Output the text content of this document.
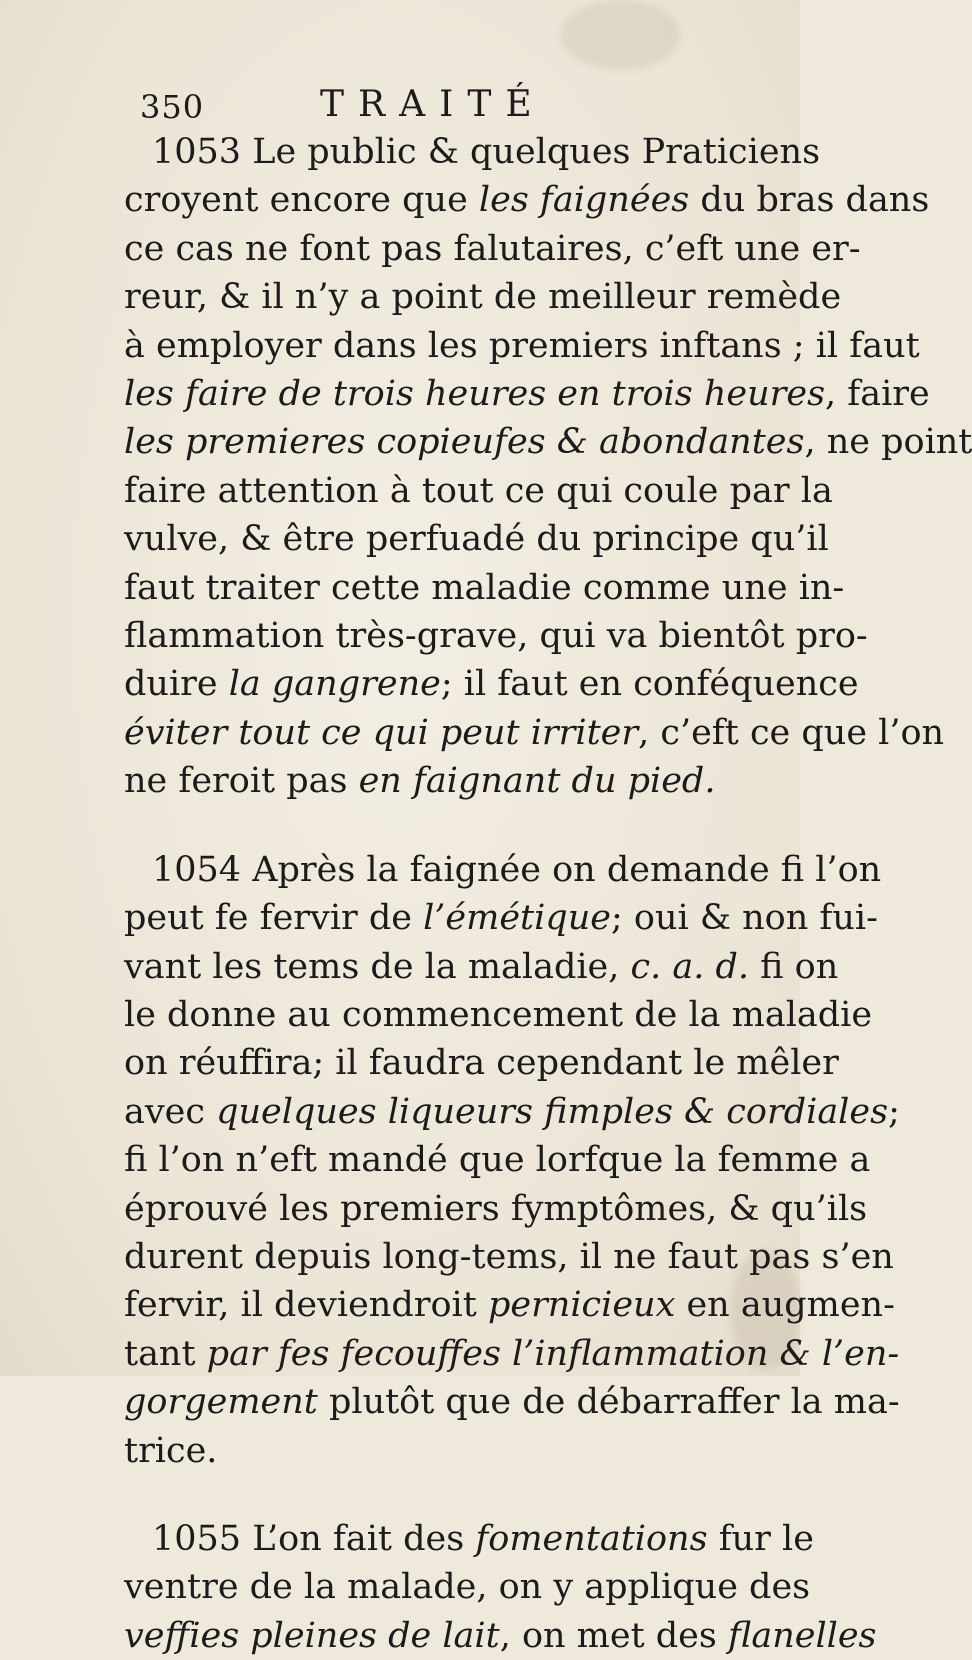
350	TRAITÉ
1053 Le public & quelques Praticiens
croyent encore que les faignées du bras dans
ce cas ne font pas falutaires, c’eft une er-
reur, & il n’y a point de meilleur remède
à employer dans les premiers inftans ; il faut
les faire de trois heures en trois heures, faire
les premieres copieufes & abondantes, ne point
faire attention à tout ce qui coule par la
vulve, & être perfuadé du principe qu’il
faut traiter cette maladie comme une in-
flammation très-grave, qui va bientôt pro-
duire la gangrene; il faut en conféquence
éviter tout ce qui peut irriter, c’eft ce que l’on
ne feroit pas en faignant du pied.
1054 Après la faignée on demande fi l’on
peut fe fervir de l’émétique; oui & non fui-
vant les tems de la maladie, c. a. d. fi on
le donne au commencement de la maladie
on réuffira; il faudra cependant le mêler
avec quelques liqueurs fimples & cordiales;
fi l’on n’eft mandé que lorfque la femme a
éprouvé les premiers fymptômes, & qu’ils
durent depuis long-tems, il ne faut pas s’en
fervir, il deviendroit pernicieux en augmen-
tant par fes fecouffes l’inflammation & l’en-
gorgement plutôt que de débarraffer la ma-
trice.
1055 L’on fait des fomentations fur le
ventre de la malade, on y applique des
veffies pleines de lait, on met des flanelles
